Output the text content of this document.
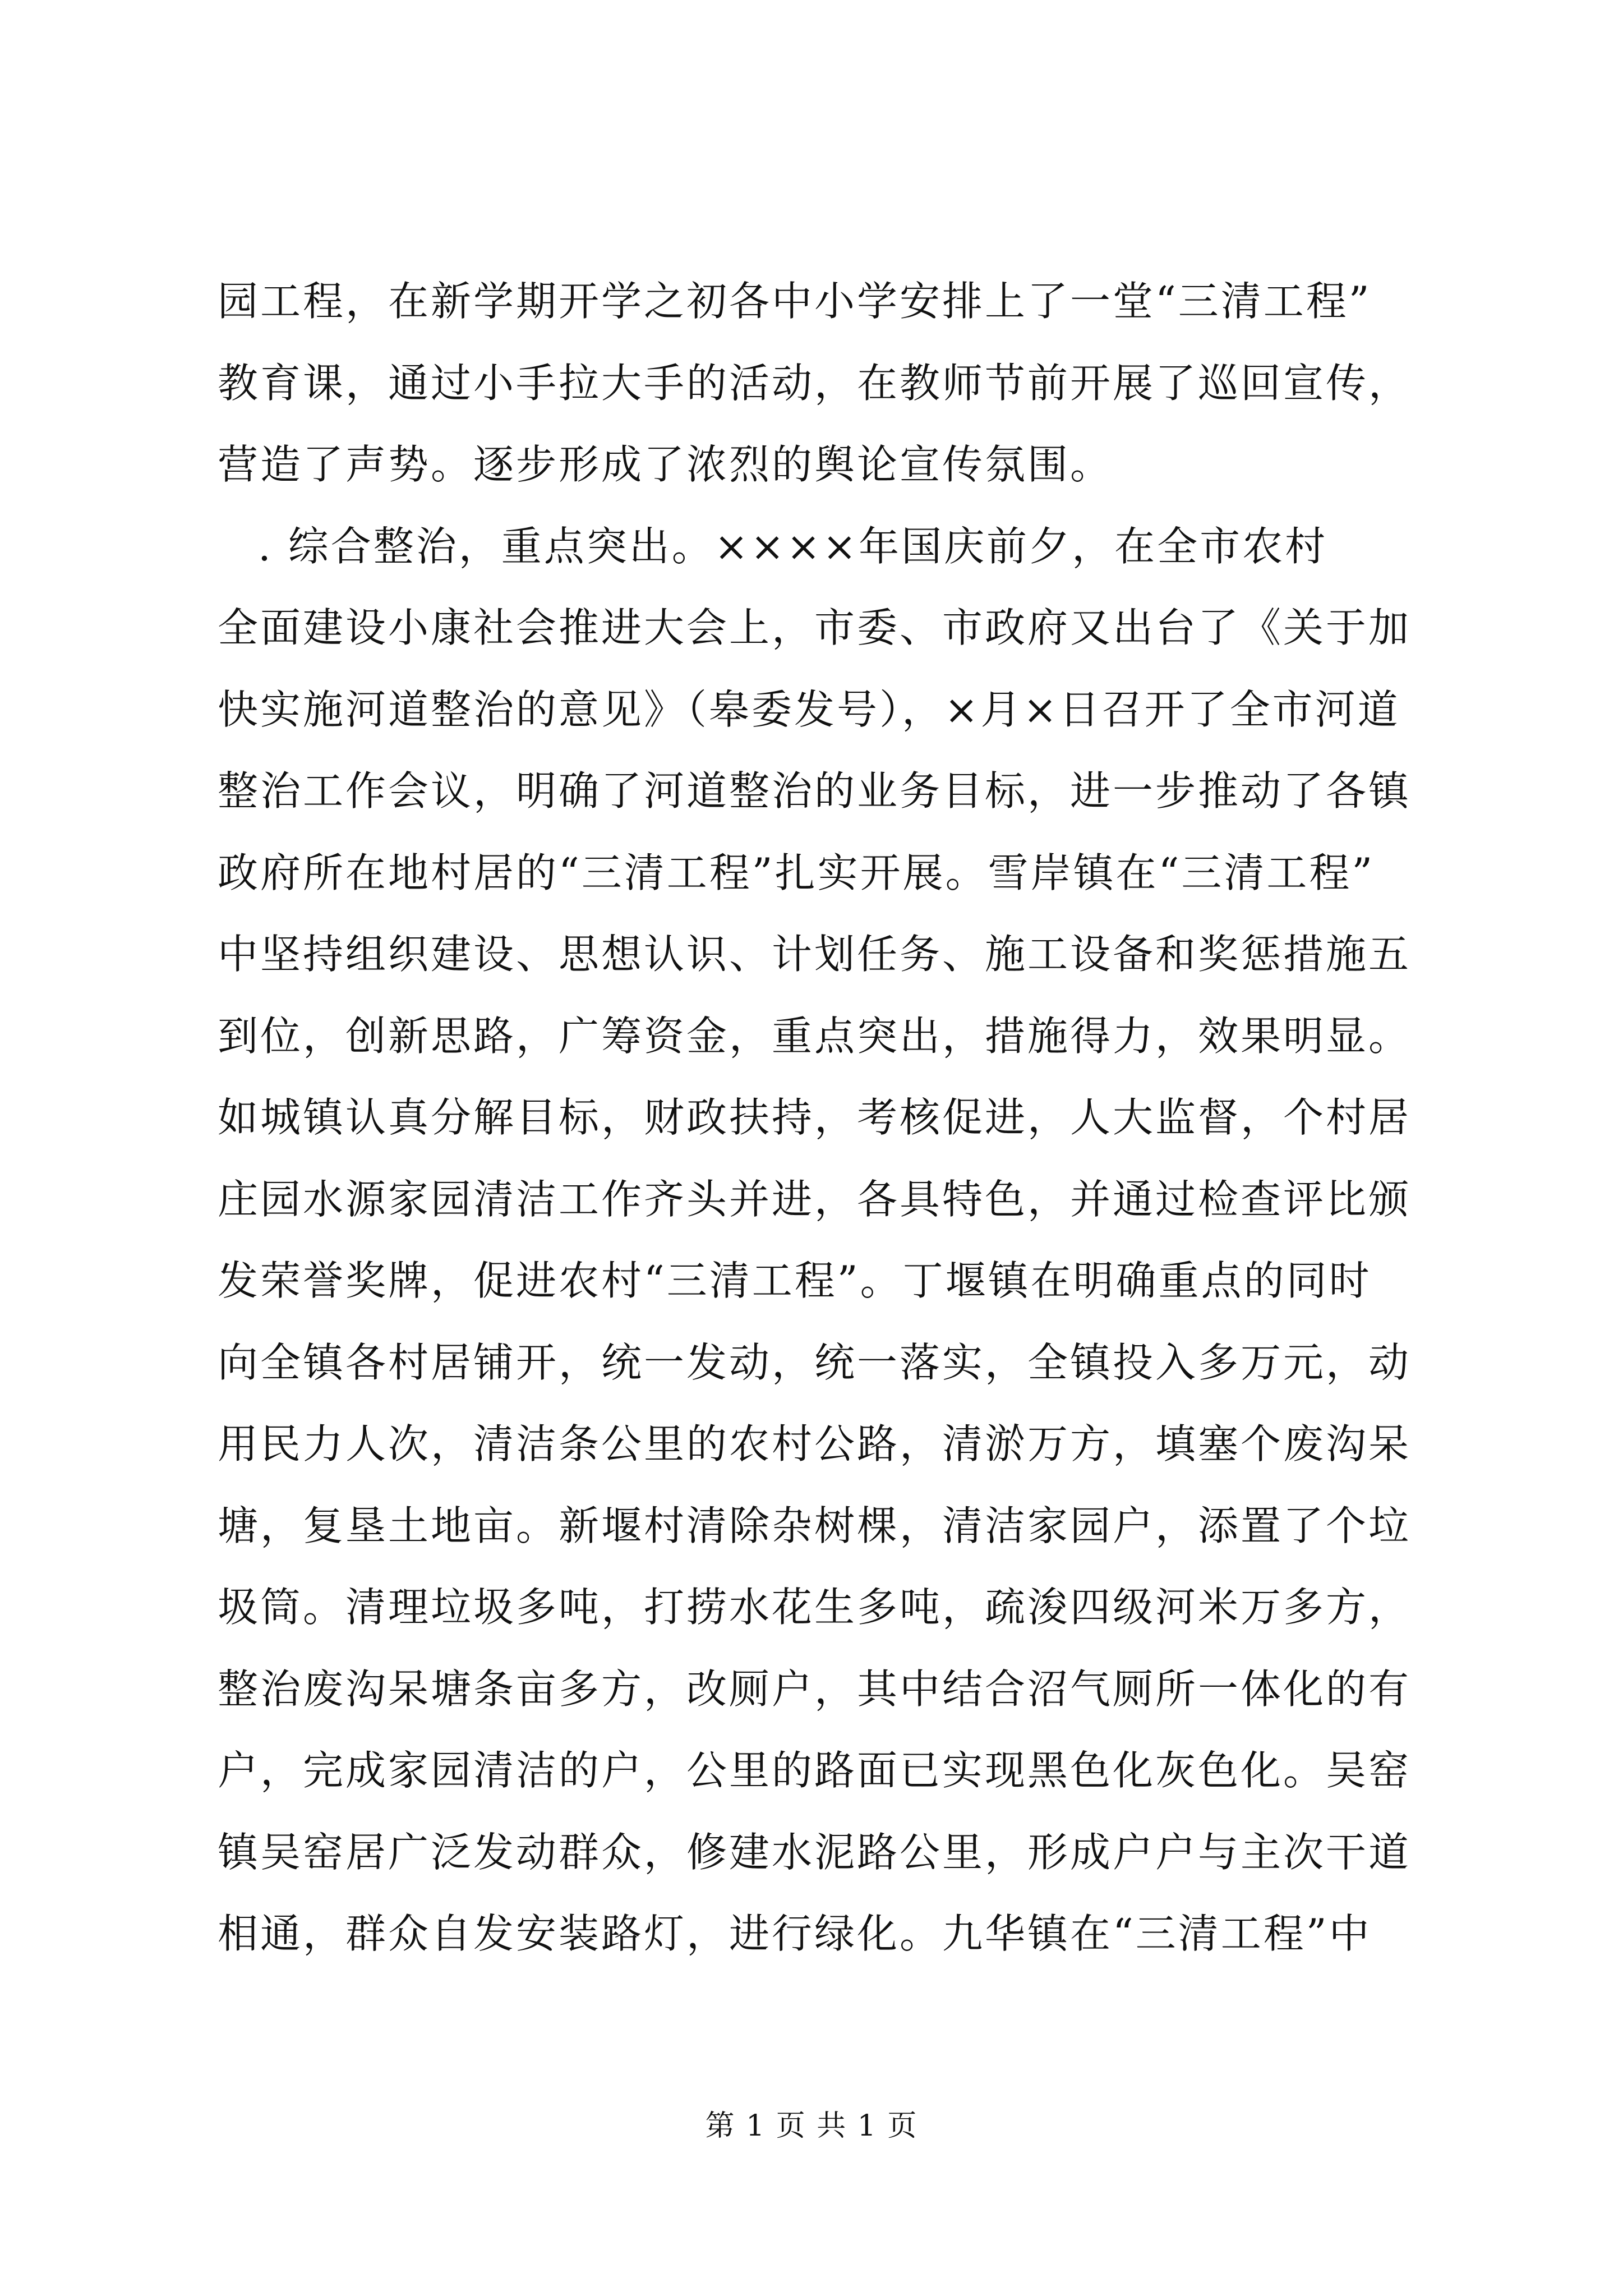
园工程，在新学期开学之初各中小学安排上了一堂“三清工程”
教育课，通过小手拉大手的活动，在教师节前开展了巡回宣传，
营造了声势。逐步形成了浓烈的舆论宣传氛围。
. 综合整治，重点突出。××××年国庆前夕，在全市农村
全面建设小康社会推进大会上，市委、市政府又出台了《关于加
快实施河道整治的意见》（皋委发号），×月×日召开了全市河道
整治工作会议，明确了河道整治的业务目标，进一步推动了各镇
政府所在地村居的“三清工程”扎实开展。雪岸镇在“三清工程”
中坚持组织建设、思想认识、计划任务、施工设备和奖惩措施五
到位，创新思路，广筹资金，重点突出，措施得力，效果明显。
如城镇认真分解目标，财政扶持，考核促进，人大监督，个村居
庄园水源家园清洁工作齐头并进，各具特色，并通过检查评比颁
发荣誉奖牌，促进农村“三清工程”。丁堰镇在明确重点的同时
向全镇各村居铺开，统一发动，统一落实，全镇投入多万元，动
用民力人次，清洁条公里的农村公路，清淤万方，填塞个废沟呆
塘，复垦土地亩。新堰村清除杂树棵，清洁家园户，添置了个垃
圾筒。清理垃圾多吨，打捞水花生多吨，疏浚四级河米万多方，
整治废沟呆塘条亩多方，改厕户，其中结合沼气厕所一体化的有
户，完成家园清洁的户，公里的路面已实现黑色化灰色化。吴窑
镇吴窑居广泛发动群众，修建水泥路公里，形成户户与主次干道
相通，群众自发安装路灯，进行绿化。九华镇在“三清工程”中
第 1 页 共 1 页
